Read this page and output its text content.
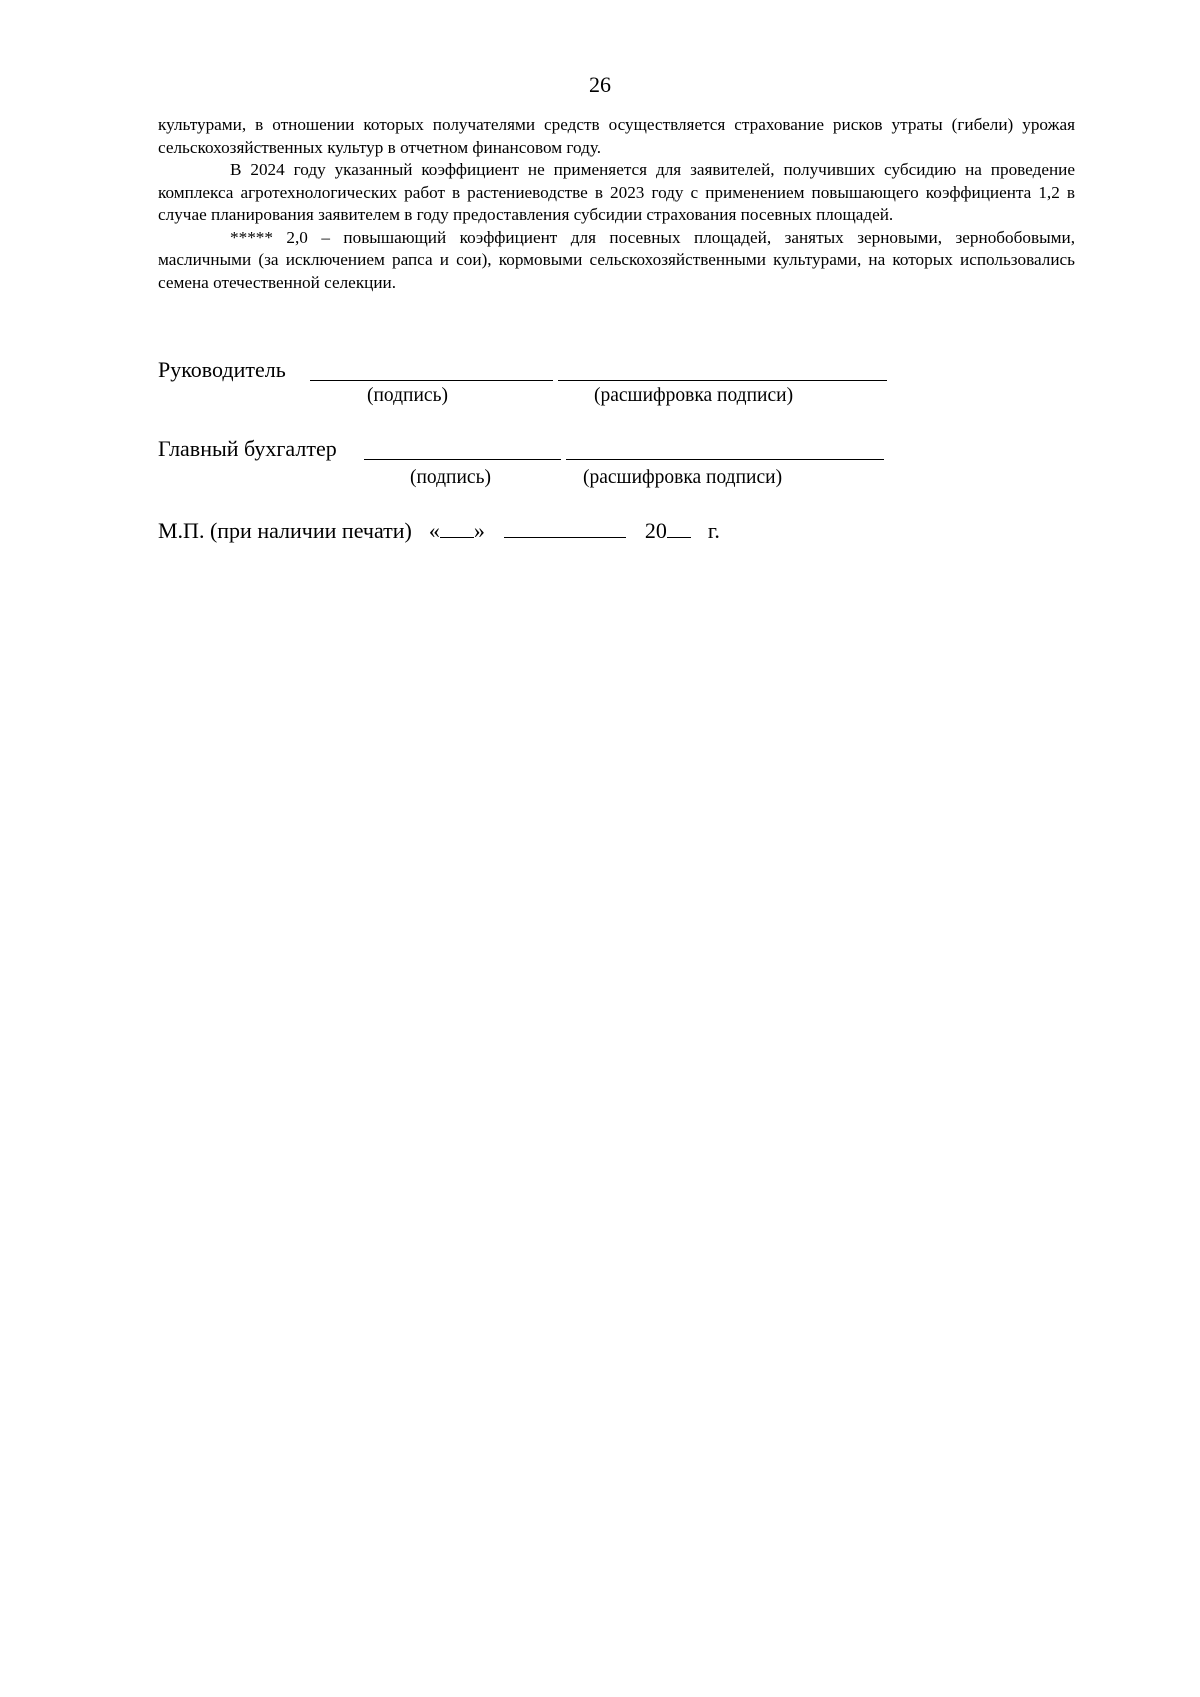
26

культурами, в отношении которых получателями средств осуществляется страхование рисков утраты (гибели) урожая сельскохозяйственных культур в отчетном финансовом году.

В 2024 году указанный коэффициент не применяется для заявителей, получивших субсидию на проведение комплекса агротехнологических работ в растениеводстве в 2023 году с применением повышающего коэффициента 1,2 в случае планирования заявителем в году предоставления субсидии страхования посевных площадей.

***** 2,0 – повышающий коэффициент для посевных площадей, занятых зерновыми, зернобобовыми, масличными (за исключением рапса и сои), кормовыми сельскохозяйственными культурами, на которых использовались семена отечественной селекции.

Руководитель
(подпись)	(расшифровка подписи)
Главный бухгалтер
(подпись)	(расшифровка подписи)
М.П. (при наличии печати) « »	20 г.
